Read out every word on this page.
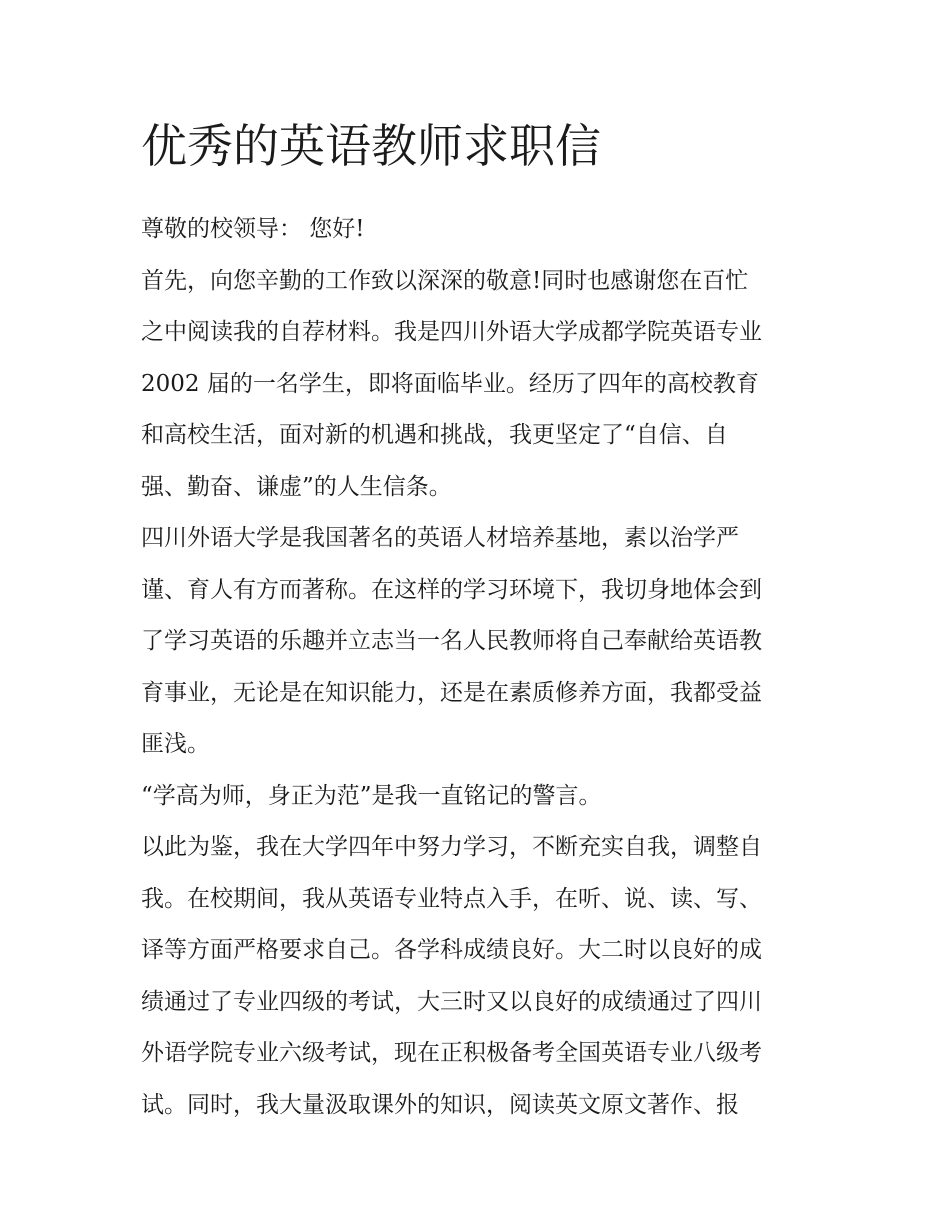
优秀的英语教师求职信

尊敬的校领导： 您好!

首先，向您辛勤的工作致以深深的敬意!同时也感谢您在百忙
之中阅读我的自荐材料。我是四川外语大学成都学院英语专业
2002 届的一名学生，即将面临毕业。经历了四年的高校教育
和高校生活，面对新的机遇和挑战，我更坚定了“自信、自
强、勤奋、谦虚”的人生信条。

四川外语大学是我国著名的英语人材培养基地，素以治学严
谨、育人有方而著称。在这样的学习环境下，我切身地体会到
了学习英语的乐趣并立志当一名人民教师将自己奉献给英语教
育事业，无论是在知识能力，还是在素质修养方面，我都受益
匪浅。

“学高为师，身正为范”是我一直铭记的警言。

以此为鉴，我在大学四年中努力学习，不断充实自我，调整自
我。在校期间，我从英语专业特点入手，在听、说、读、写、
译等方面严格要求自己。各学科成绩良好。大二时以良好的成
绩通过了专业四级的考试，大三时又以良好的成绩通过了四川
外语学院专业六级考试，现在正积极备考全国英语专业八级考
试。同时，我大量汲取课外的知识，阅读英文原文著作、报
